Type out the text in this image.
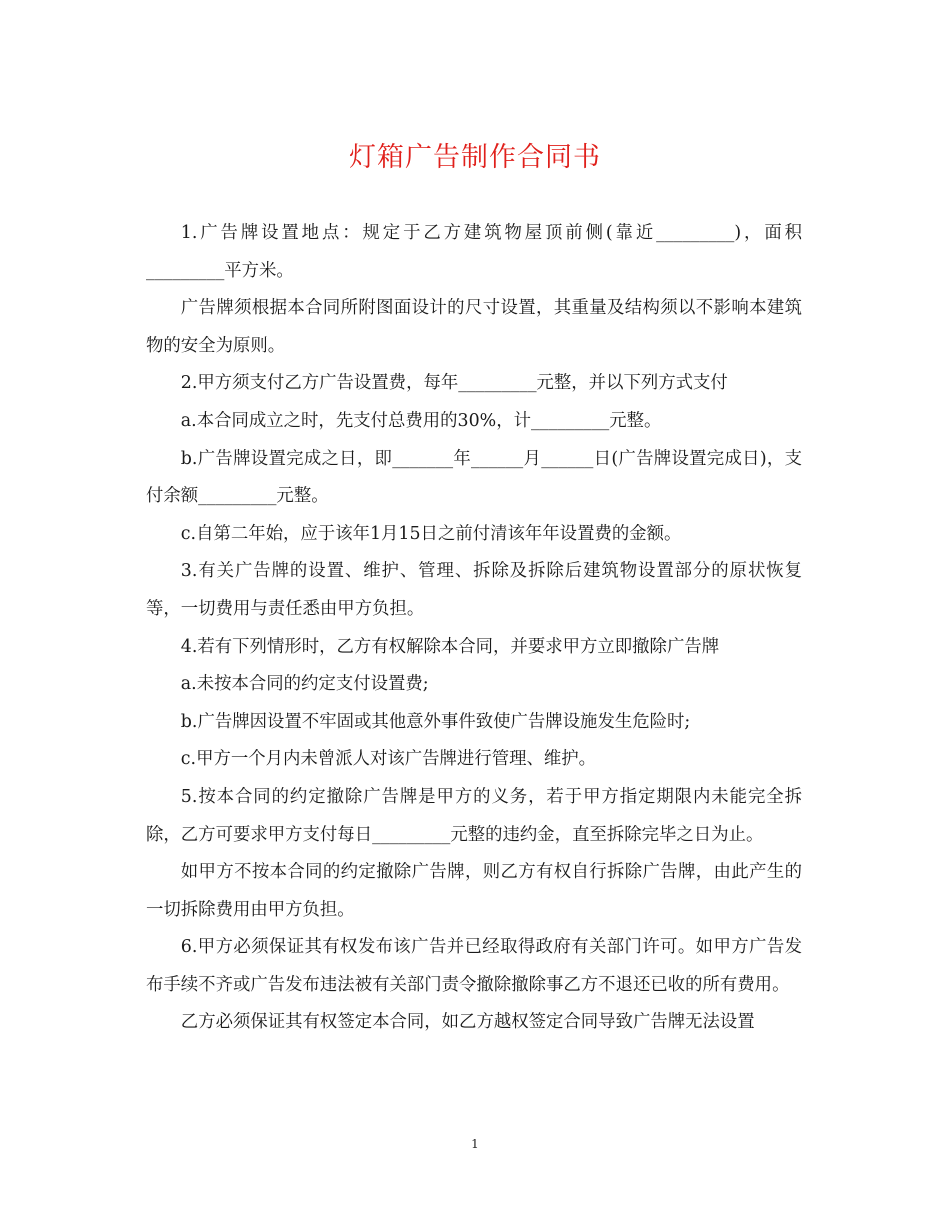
灯箱广告制作合同书

1.广告牌设置地点：规定于乙方建筑物屋顶前侧(靠近_________)，面积_________平方米。

广告牌须根据本合同所附图面设计的尺寸设置，其重量及结构须以不影响本建筑物的安全为原则。

2.甲方须支付乙方广告设置费，每年_________元整，并以下列方式支付

a.本合同成立之时，先支付总费用的30%，计_________元整。

b.广告牌设置完成之日，即_______年______月______日(广告牌设置完成日)，支付余额_________元整。

c.自第二年始，应于该年1月15日之前付清该年年设置费的金额。

3.有关广告牌的设置、维护、管理、拆除及拆除后建筑物设置部分的原状恢复等，一切费用与责任悉由甲方负担。

4.若有下列情形时，乙方有权解除本合同，并要求甲方立即撤除广告牌

a.未按本合同的约定支付设置费;

b.广告牌因设置不牢固或其他意外事件致使广告牌设施发生危险时;

c.甲方一个月内未曾派人对该广告牌进行管理、维护。

5.按本合同的约定撤除广告牌是甲方的义务，若于甲方指定期限内未能完全拆除，乙方可要求甲方支付每日_________元整的违约金，直至拆除完毕之日为止。

如甲方不按本合同的约定撤除广告牌，则乙方有权自行拆除广告牌，由此产生的一切拆除费用由甲方负担。

6.甲方必须保证其有权发布该广告并已经取得政府有关部门许可。如甲方广告发布手续不齐或广告发布违法被有关部门责令撤除撤除事乙方不退还已收的所有费用。

乙方必须保证其有权签定本合同，如乙方越权签定合同导致广告牌无法设置

1
